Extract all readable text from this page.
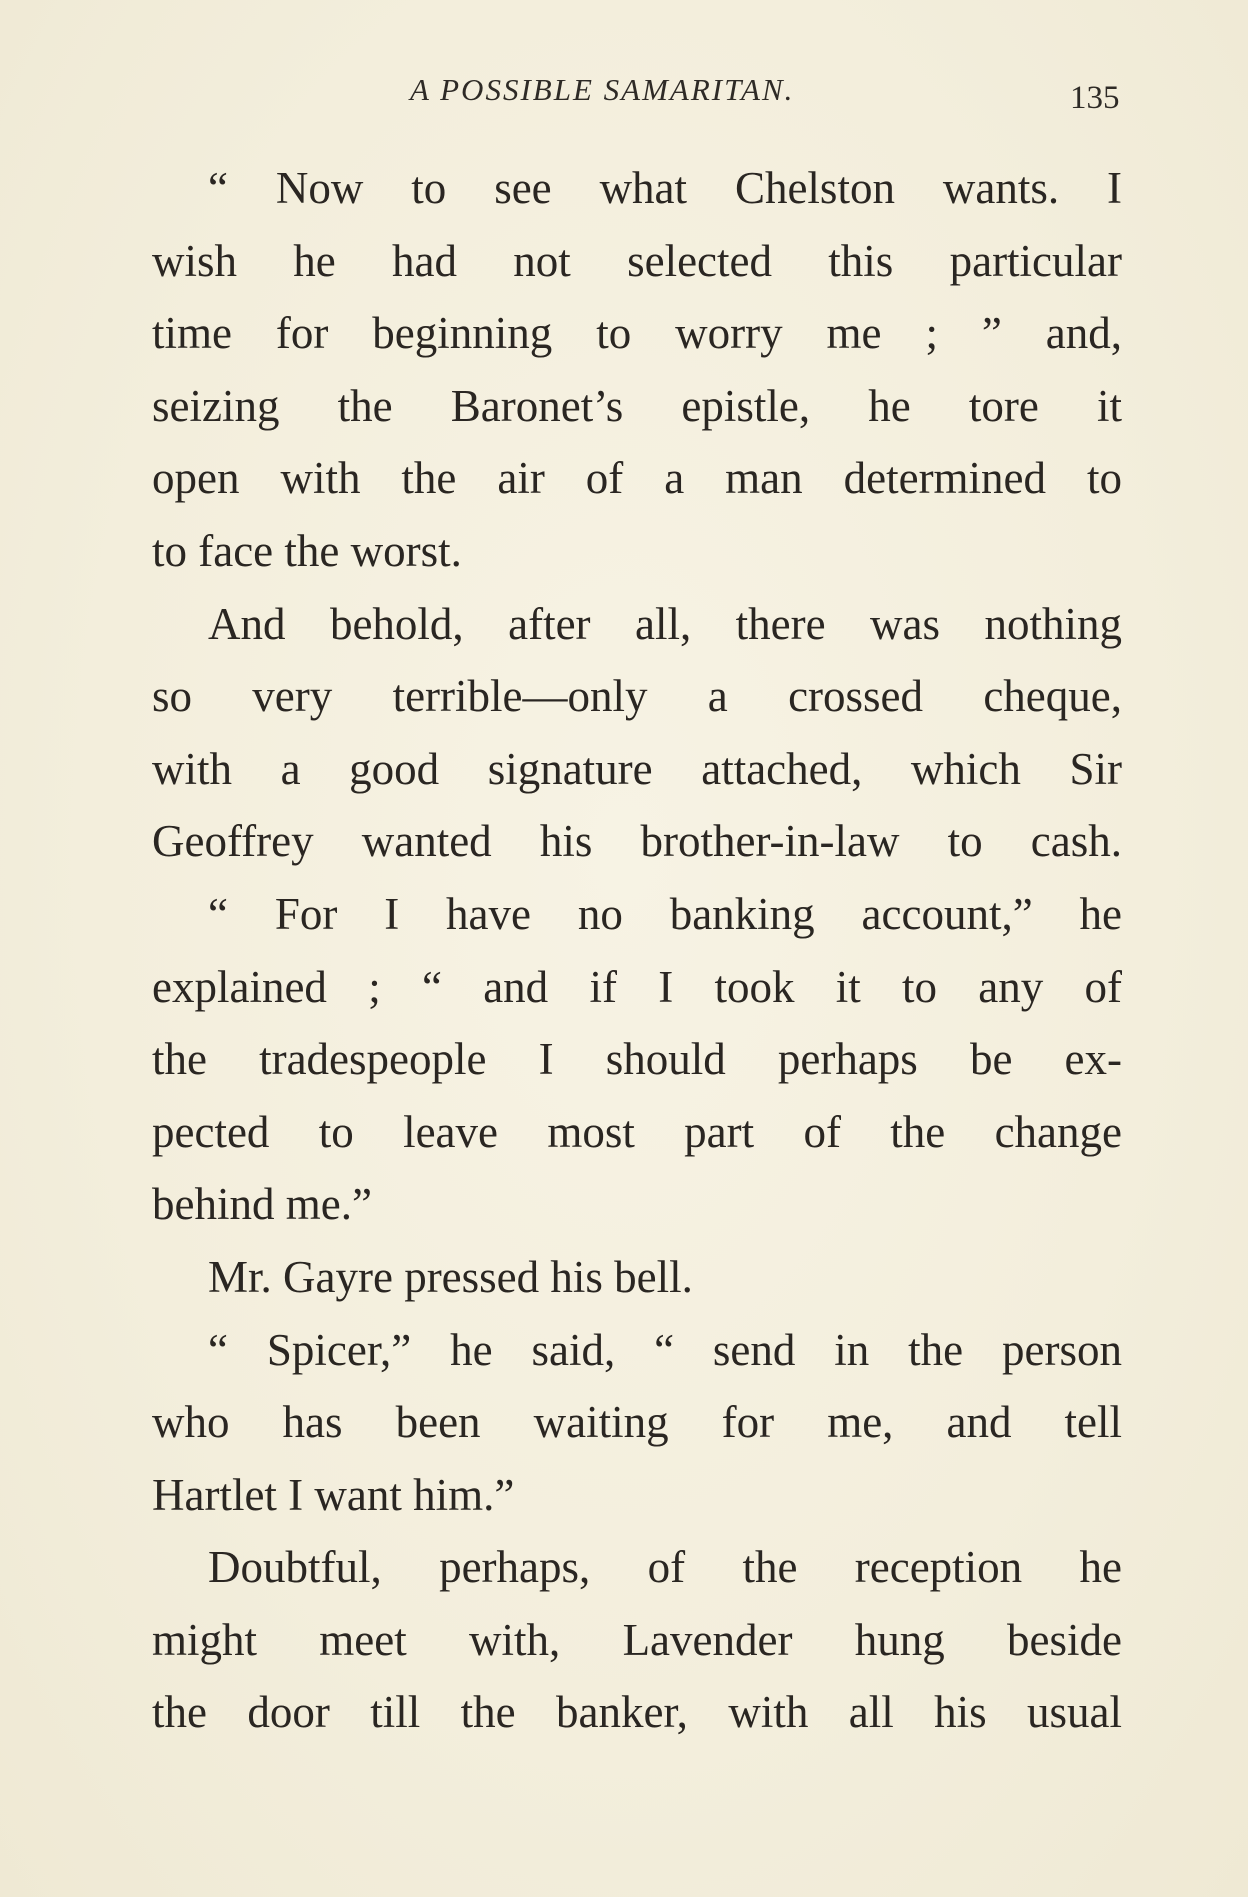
A POSSIBLE SAMARITAN.	135
“ Now to see what Chelston wants. I
wish he had not selected this particular
time for beginning to worry me ; ” and,
seizing the Baronet’s epistle, he tore it
open with the air of a man determined to
to face the worst.
And behold, after all, there was nothing
so very terrible—only a crossed cheque,
with a good signature attached, which Sir
Geoffrey wanted his brother-in-law to cash.
“ For I have no banking account,” he
explained ; “ and if I took it to any of
the tradespeople I should perhaps be ex-
pected to leave most part of the change
behind me.”
Mr. Gayre pressed his bell.
“ Spicer,” he said, “ send in the person
who has been waiting for me, and tell
Hartlet I want him.”
Doubtful, perhaps, of the reception he
might meet with, Lavender hung beside
the door till the banker, with all his usual
